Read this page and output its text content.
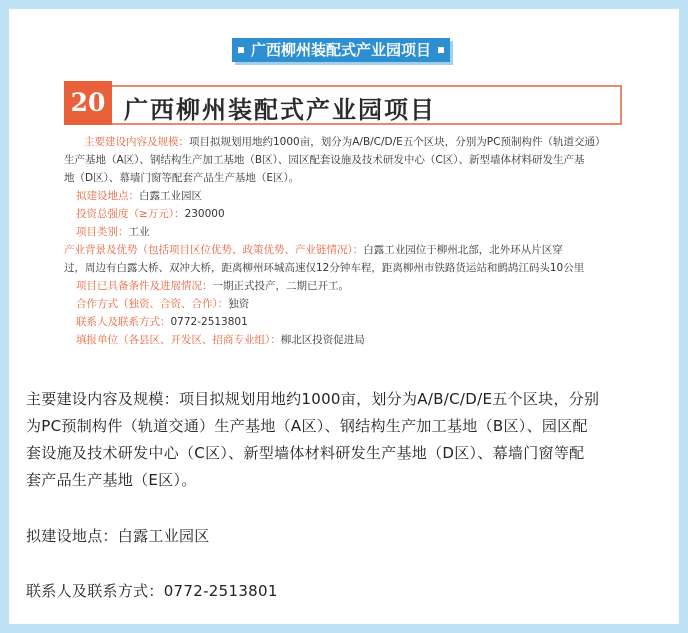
广西柳州装配式产业园项目
广西柳州装配式产业园项目
20
主要建设内容及规模：项目拟规划用地约1000亩，划分为A/B/C/D/E五个区块，分别为PC预制构件（轨道交通）
生产基地（A区）、钢结构生产加工基地（B区）、园区配套设施及技术研发中心（C区）、新型墙体材料研发生产基
地（D区）、幕墙门窗等配套产品生产基地（E区）。
拟建设地点：白露工业园区
投资总强度（≥万元）：230000
项目类别：工业
产业背景及优势（包括项目区位优势、政策优势、产业链情况）：白露工业园位于柳州北部，北外环从片区穿
过，周边有白露大桥、双冲大桥，距离柳州环城高速仅12分钟车程，距离柳州市铁路货运站和鹧鸪江码头10公里
项目已具备条件及进展情况：一期正式投产，二期已开工。
合作方式（独资、合资、合作）：独资
联系人及联系方式：0772-2513801
填报单位（各县区、开发区、招商专业组）：柳北区投资促进局
主要建设内容及规模：项目拟规划用地约1000亩，划分为A/B/C/D/E五个区块，分别
为PC预制构件（轨道交通）生产基地（A区）、钢结构生产加工基地（B区）、园区配
套设施及技术研发中心（C区）、新型墙体材料研发生产基地（D区）、幕墙门窗等配
套产品生产基地（E区）。
拟建设地点：白露工业园区
联系人及联系方式：0772-2513801
